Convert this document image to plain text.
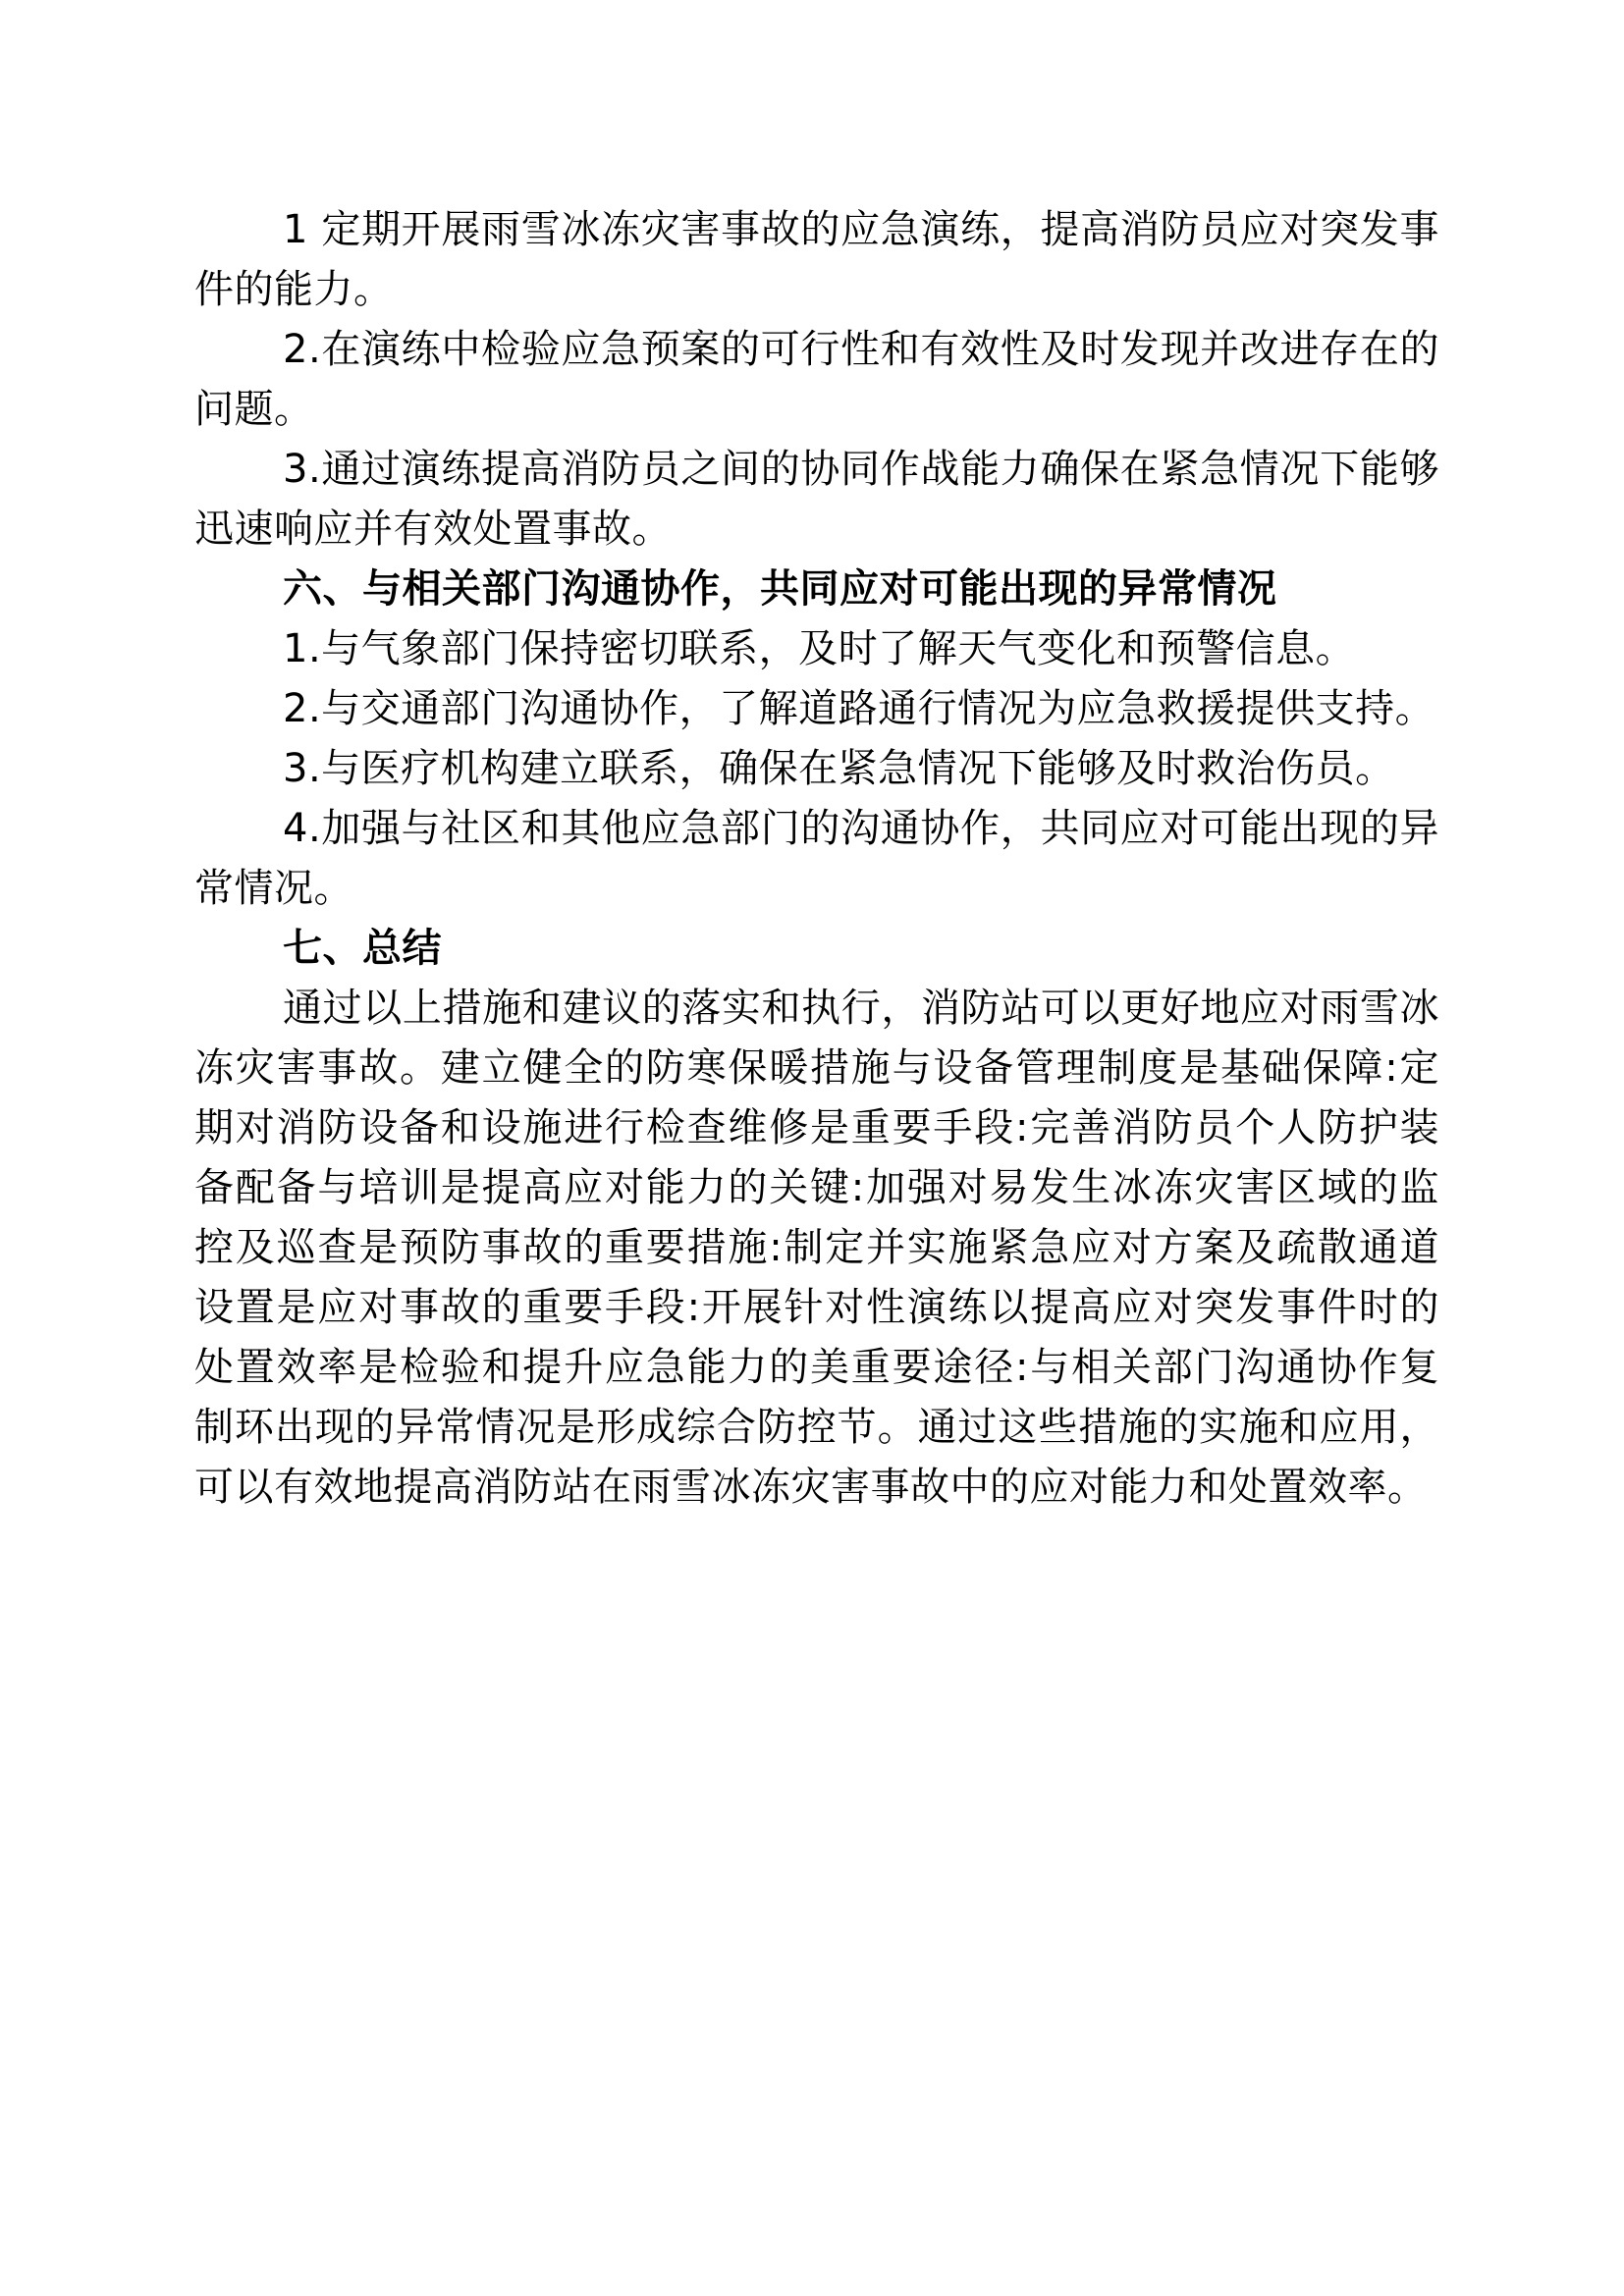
1 定期开展雨雪冰冻灾害事故的应急演练，提高消防员应对突发事件的能力。

2.在演练中检验应急预案的可行性和有效性及时发现并改进存在的问题。

3.通过演练提高消防员之间的协同作战能力确保在紧急情况下能够迅速响应并有效处置事故。

六、与相关部门沟通协作，共同应对可能出现的异常情况

1.与气象部门保持密切联系，及时了解天气变化和预警信息。

2.与交通部门沟通协作，了解道路通行情况为应急救援提供支持。

3.与医疗机构建立联系，确保在紧急情况下能够及时救治伤员。

4.加强与社区和其他应急部门的沟通协作，共同应对可能出现的异常情况。

七、总结

通过以上措施和建议的落实和执行，消防站可以更好地应对雨雪冰冻灾害事故。建立健全的防寒保暖措施与设备管理制度是基础保障:定期对消防设备和设施进行检查维修是重要手段:完善消防员个人防护装备配备与培训是提高应对能力的关键:加强对易发生冰冻灾害区域的监控及巡查是预防事故的重要措施:制定并实施紧急应对方案及疏散通道设置是应对事故的重要手段:开展针对性演练以提高应对突发事件时的处置效率是检验和提升应急能力的美重要途径:与相关部门沟通协作复制环出现的异常情况是形成综合防控节。通过这些措施的实施和应用，可以有效地提高消防站在雨雪冰冻灾害事故中的应对能力和处置效率。
